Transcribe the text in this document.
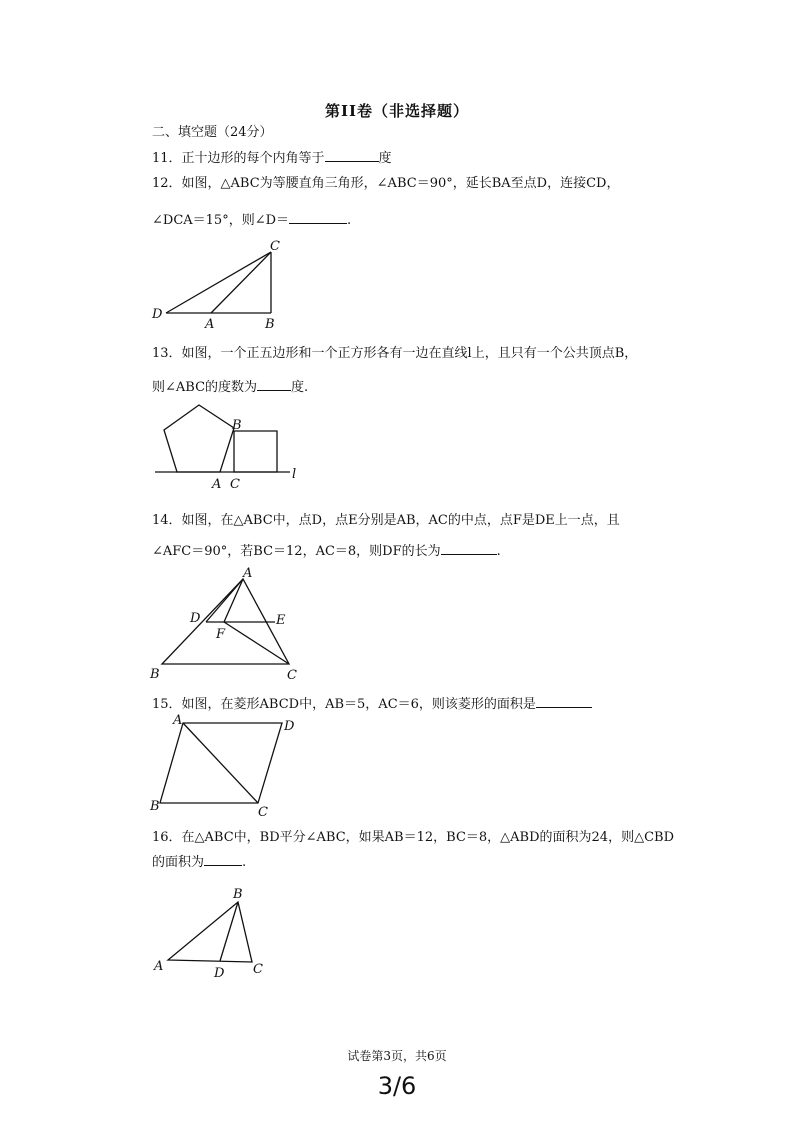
第II卷（非选择题）
二、填空题（24分）
11．正十边形的每个内角等于	度
12．如图，△ABC为等腰直角三角形，∠ABC＝90°，延长BA至点D，连接CD，
∠DCA＝15°，则∠D＝	.
C
D
A	B
13．如图，一个正五边形和一个正方形各有一边在直线l上，且只有一个公共顶点B，
则∠ABC的度数为	度.
B
A C
l
14．如图，在△ABC中，点D，点E分别是AB，AC的中点，点F是DE上一点，且
∠AFC＝90°，若BC＝12，AC＝8，则DF的长为	.
A
D	E
F
B	C
15．如图，在菱形ABCD中，AB＝5，AC＝6，则该菱形的面积是
A	D
B	C
16．在△ABC中，BD平分∠ABC，如果AB＝12，BC＝8，△ABD的面积为24，则△CBD
的面积为	.
B
A	D C
试卷第3页，共6页
3/6
